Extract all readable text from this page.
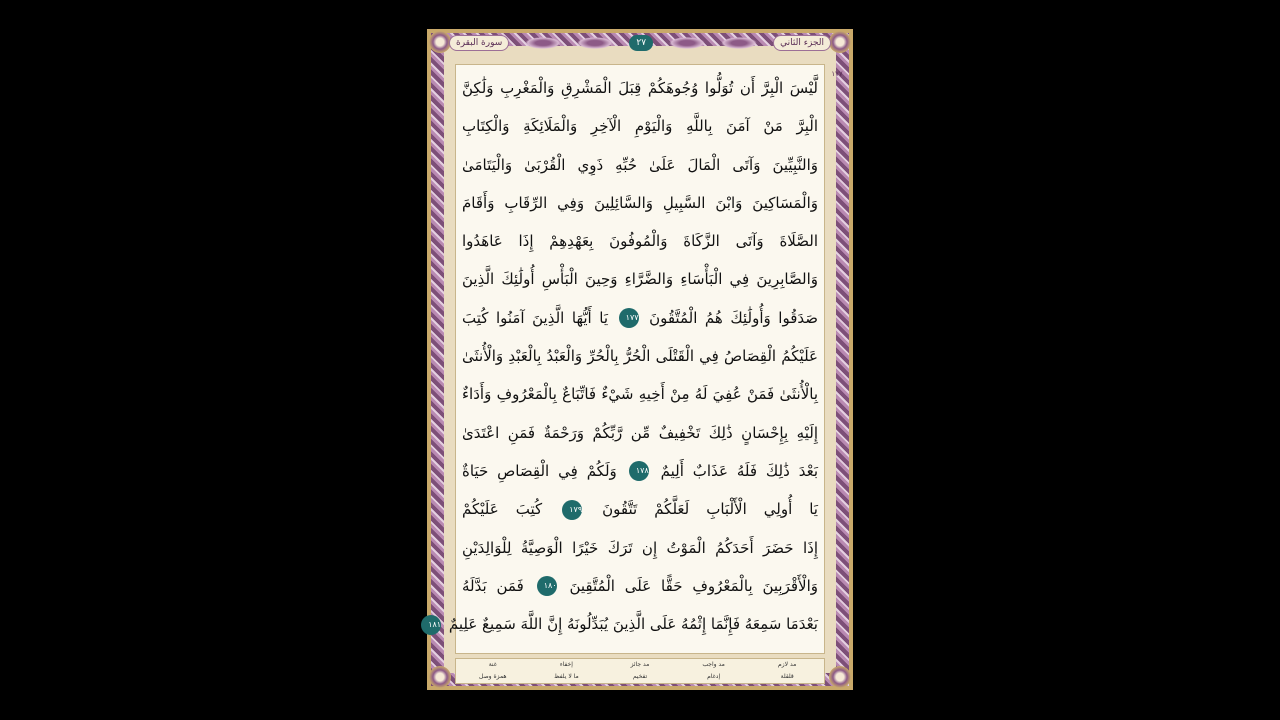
الجزء الثاني
٢٧
سورة البقرة
١٧٧
لَّيْسَ الْبِرَّ أَن تُوَلُّوا وُجُوهَكُمْ قِبَلَ الْمَشْرِقِ وَالْمَغْرِبِ وَلَٰكِنَّ
الْبِرَّ مَنْ آمَنَ بِاللَّهِ وَالْيَوْمِ الْآخِرِ وَالْمَلَائِكَةِ وَالْكِتَابِ
وَالنَّبِيِّينَ وَآتَى الْمَالَ عَلَىٰ حُبِّهِ ذَوِي الْقُرْبَىٰ وَالْيَتَامَىٰ
وَالْمَسَاكِينَ وَابْنَ السَّبِيلِ وَالسَّائِلِينَ وَفِي الرِّقَابِ وَأَقَامَ
الصَّلَاةَ وَآتَى الزَّكَاةَ وَالْمُوفُونَ بِعَهْدِهِمْ إِذَا عَاهَدُوا
وَالصَّابِرِينَ فِي الْبَأْسَاءِ وَالضَّرَّاءِ وَحِينَ الْبَأْسِ أُولَٰئِكَ الَّذِينَ
صَدَقُوا وَأُولَٰئِكَ هُمُ الْمُتَّقُونَ ١٧٧ يَا أَيُّهَا الَّذِينَ آمَنُوا كُتِبَ
عَلَيْكُمُ الْقِصَاصُ فِي الْقَتْلَى الْحُرُّ بِالْحُرِّ وَالْعَبْدُ بِالْعَبْدِ وَالْأُنثَىٰ
بِالْأُنثَىٰ فَمَنْ عُفِيَ لَهُ مِنْ أَخِيهِ شَيْءٌ فَاتِّبَاعٌ بِالْمَعْرُوفِ وَأَدَاءٌ
إِلَيْهِ بِإِحْسَانٍ ذَٰلِكَ تَخْفِيفٌ مِّن رَّبِّكُمْ وَرَحْمَةٌ فَمَنِ اعْتَدَىٰ
بَعْدَ ذَٰلِكَ فَلَهُ عَذَابٌ أَلِيمٌ ١٧٨ وَلَكُمْ فِي الْقِصَاصِ حَيَاةٌ
يَا أُولِي الْأَلْبَابِ لَعَلَّكُمْ تَتَّقُونَ ١٧٩ كُتِبَ عَلَيْكُمْ
إِذَا حَضَرَ أَحَدَكُمُ الْمَوْتُ إِن تَرَكَ خَيْرًا الْوَصِيَّةُ لِلْوَالِدَيْنِ
وَالْأَقْرَبِينَ بِالْمَعْرُوفِ حَقًّا عَلَى الْمُتَّقِينَ ١٨٠ فَمَن بَدَّلَهُ
بَعْدَمَا سَمِعَهُ فَإِنَّمَا إِثْمُهُ عَلَى الَّذِينَ يُبَدِّلُونَهُ إِنَّ اللَّهَ سَمِيعٌ عَلِيمٌ ١٨١
مد لازم
مد واجب
مد جائز
إخفاء
غنة
قلقلة
إدغام
تفخيم
ما لا يلفظ
همزة وصل
